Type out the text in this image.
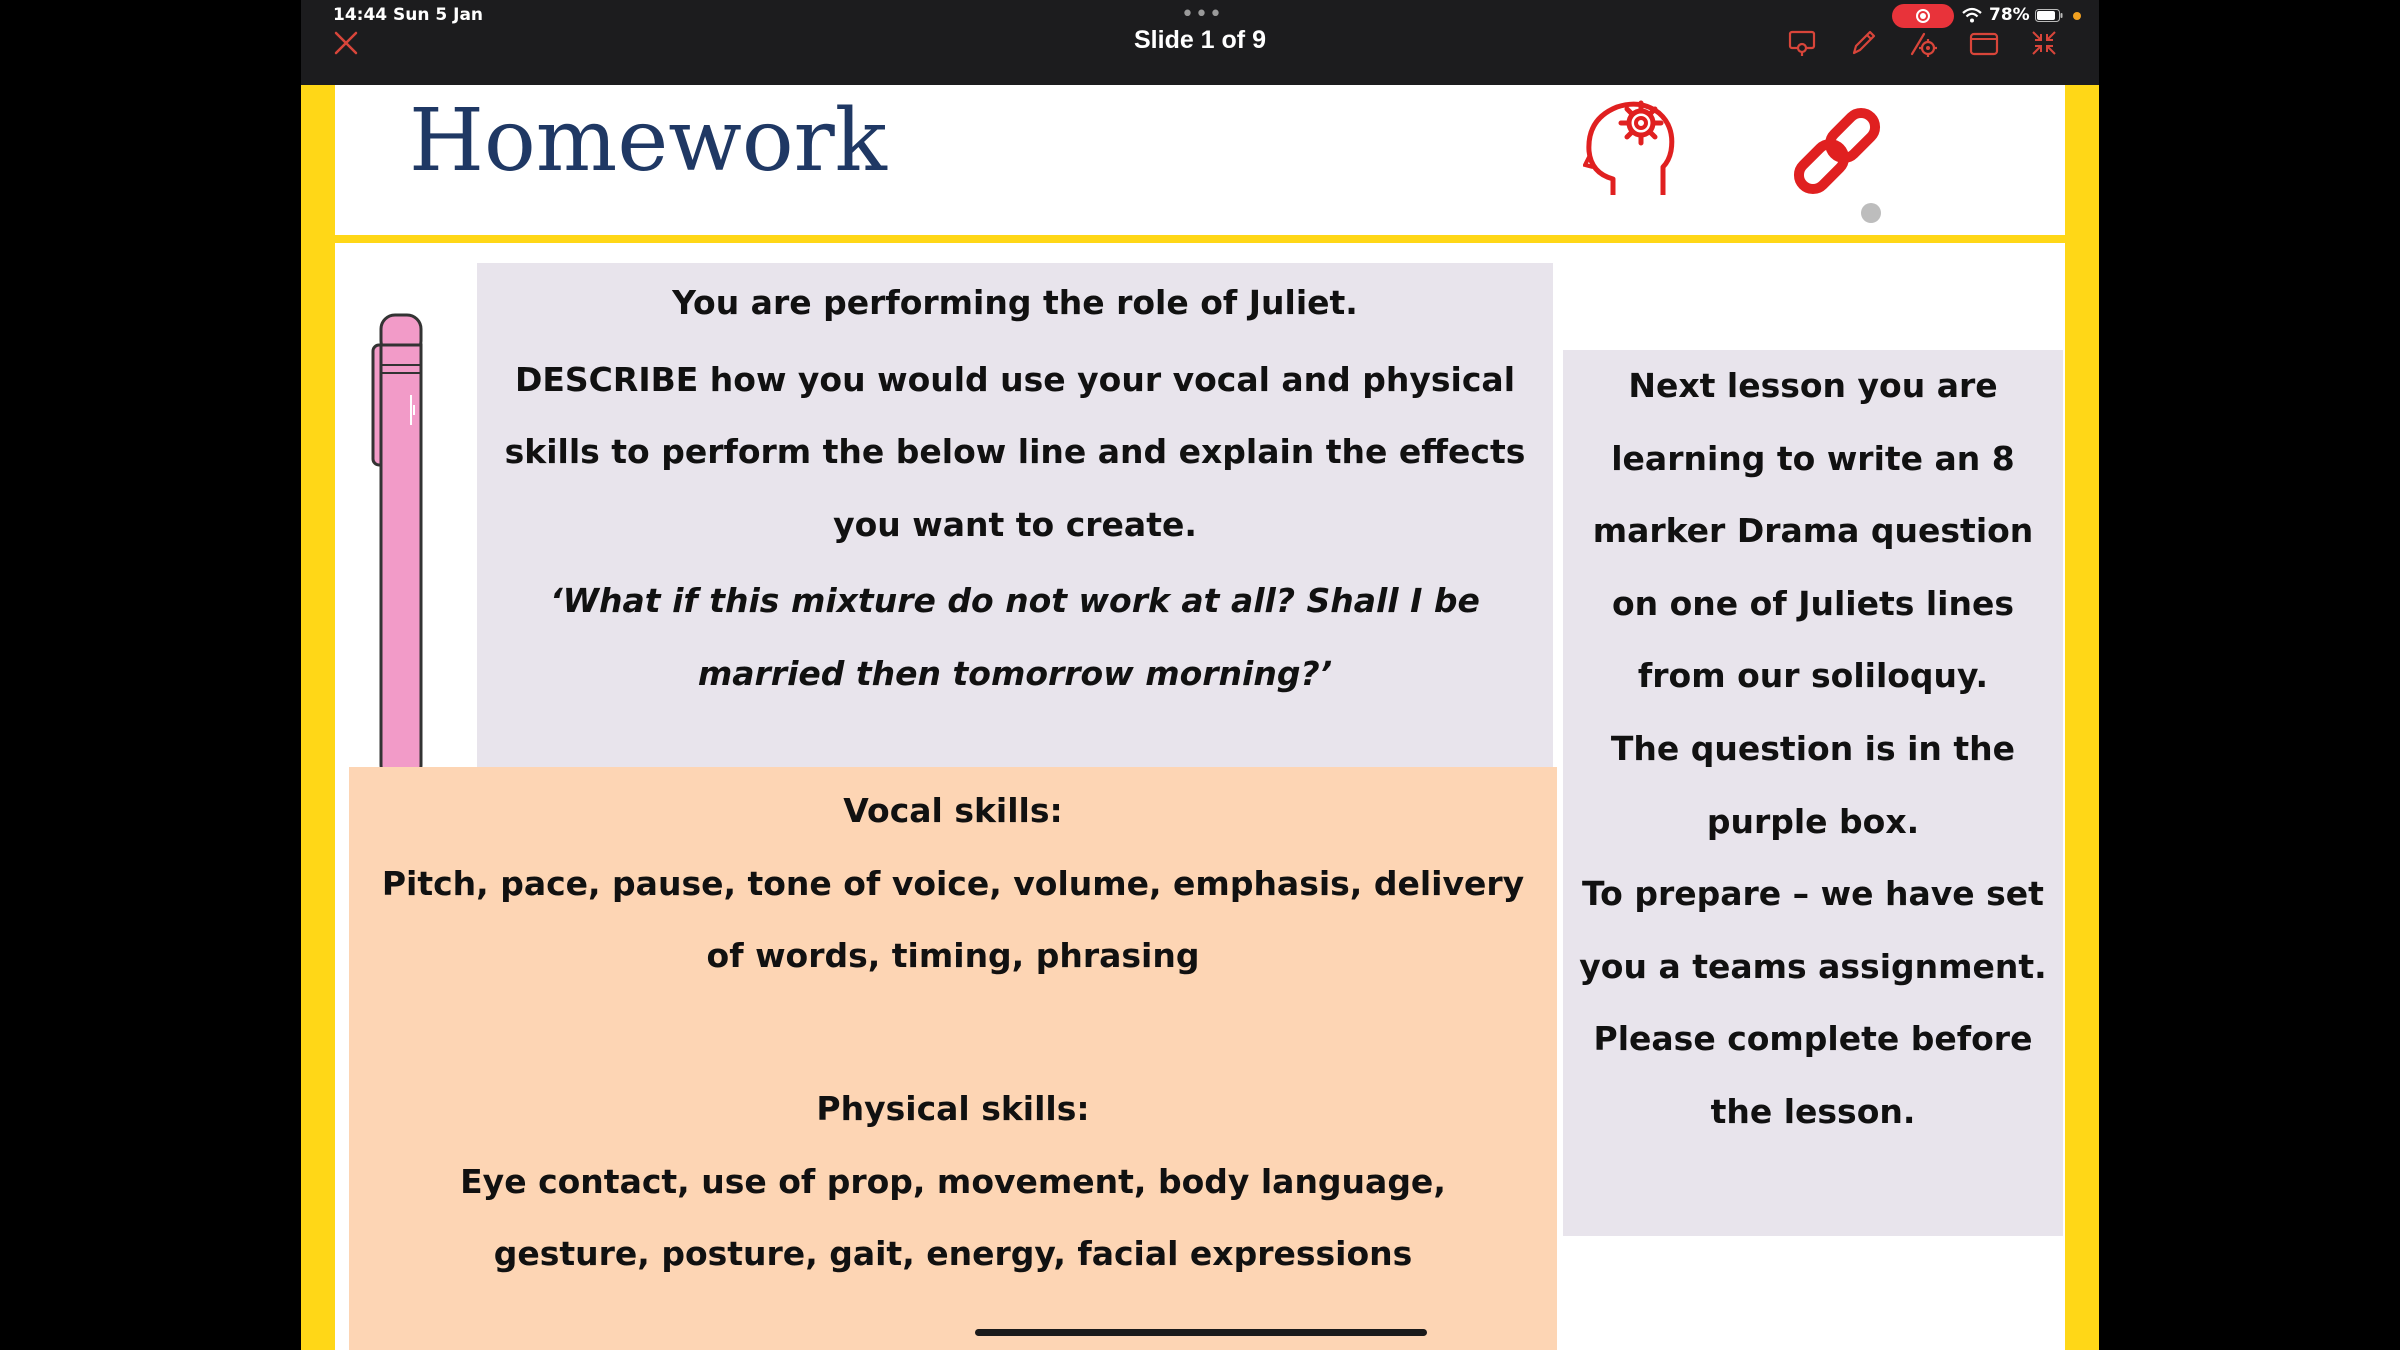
14:44 Sun 5 Jan	•••	78%
Slide 1 of 9
Homework
You are performing the role of Juliet.
DESCRIBE how you would use your vocal and physical skills to perform the below line and explain the effects you want to create.
‘What if this mixture do not work at all? Shall I be married then tomorrow morning?’
Vocal skills:
Pitch, pace, pause, tone of voice, volume, emphasis, delivery of words, timing, phrasing
Physical skills:
Eye contact, use of prop, movement, body language, gesture, posture, gait, energy, facial expressions
Next lesson you are learning to write an 8 marker Drama question on one of Juliets lines from our soliloquy.
The question is in the purple box.
To prepare – we have set you a teams assignment. Please complete before the lesson.
